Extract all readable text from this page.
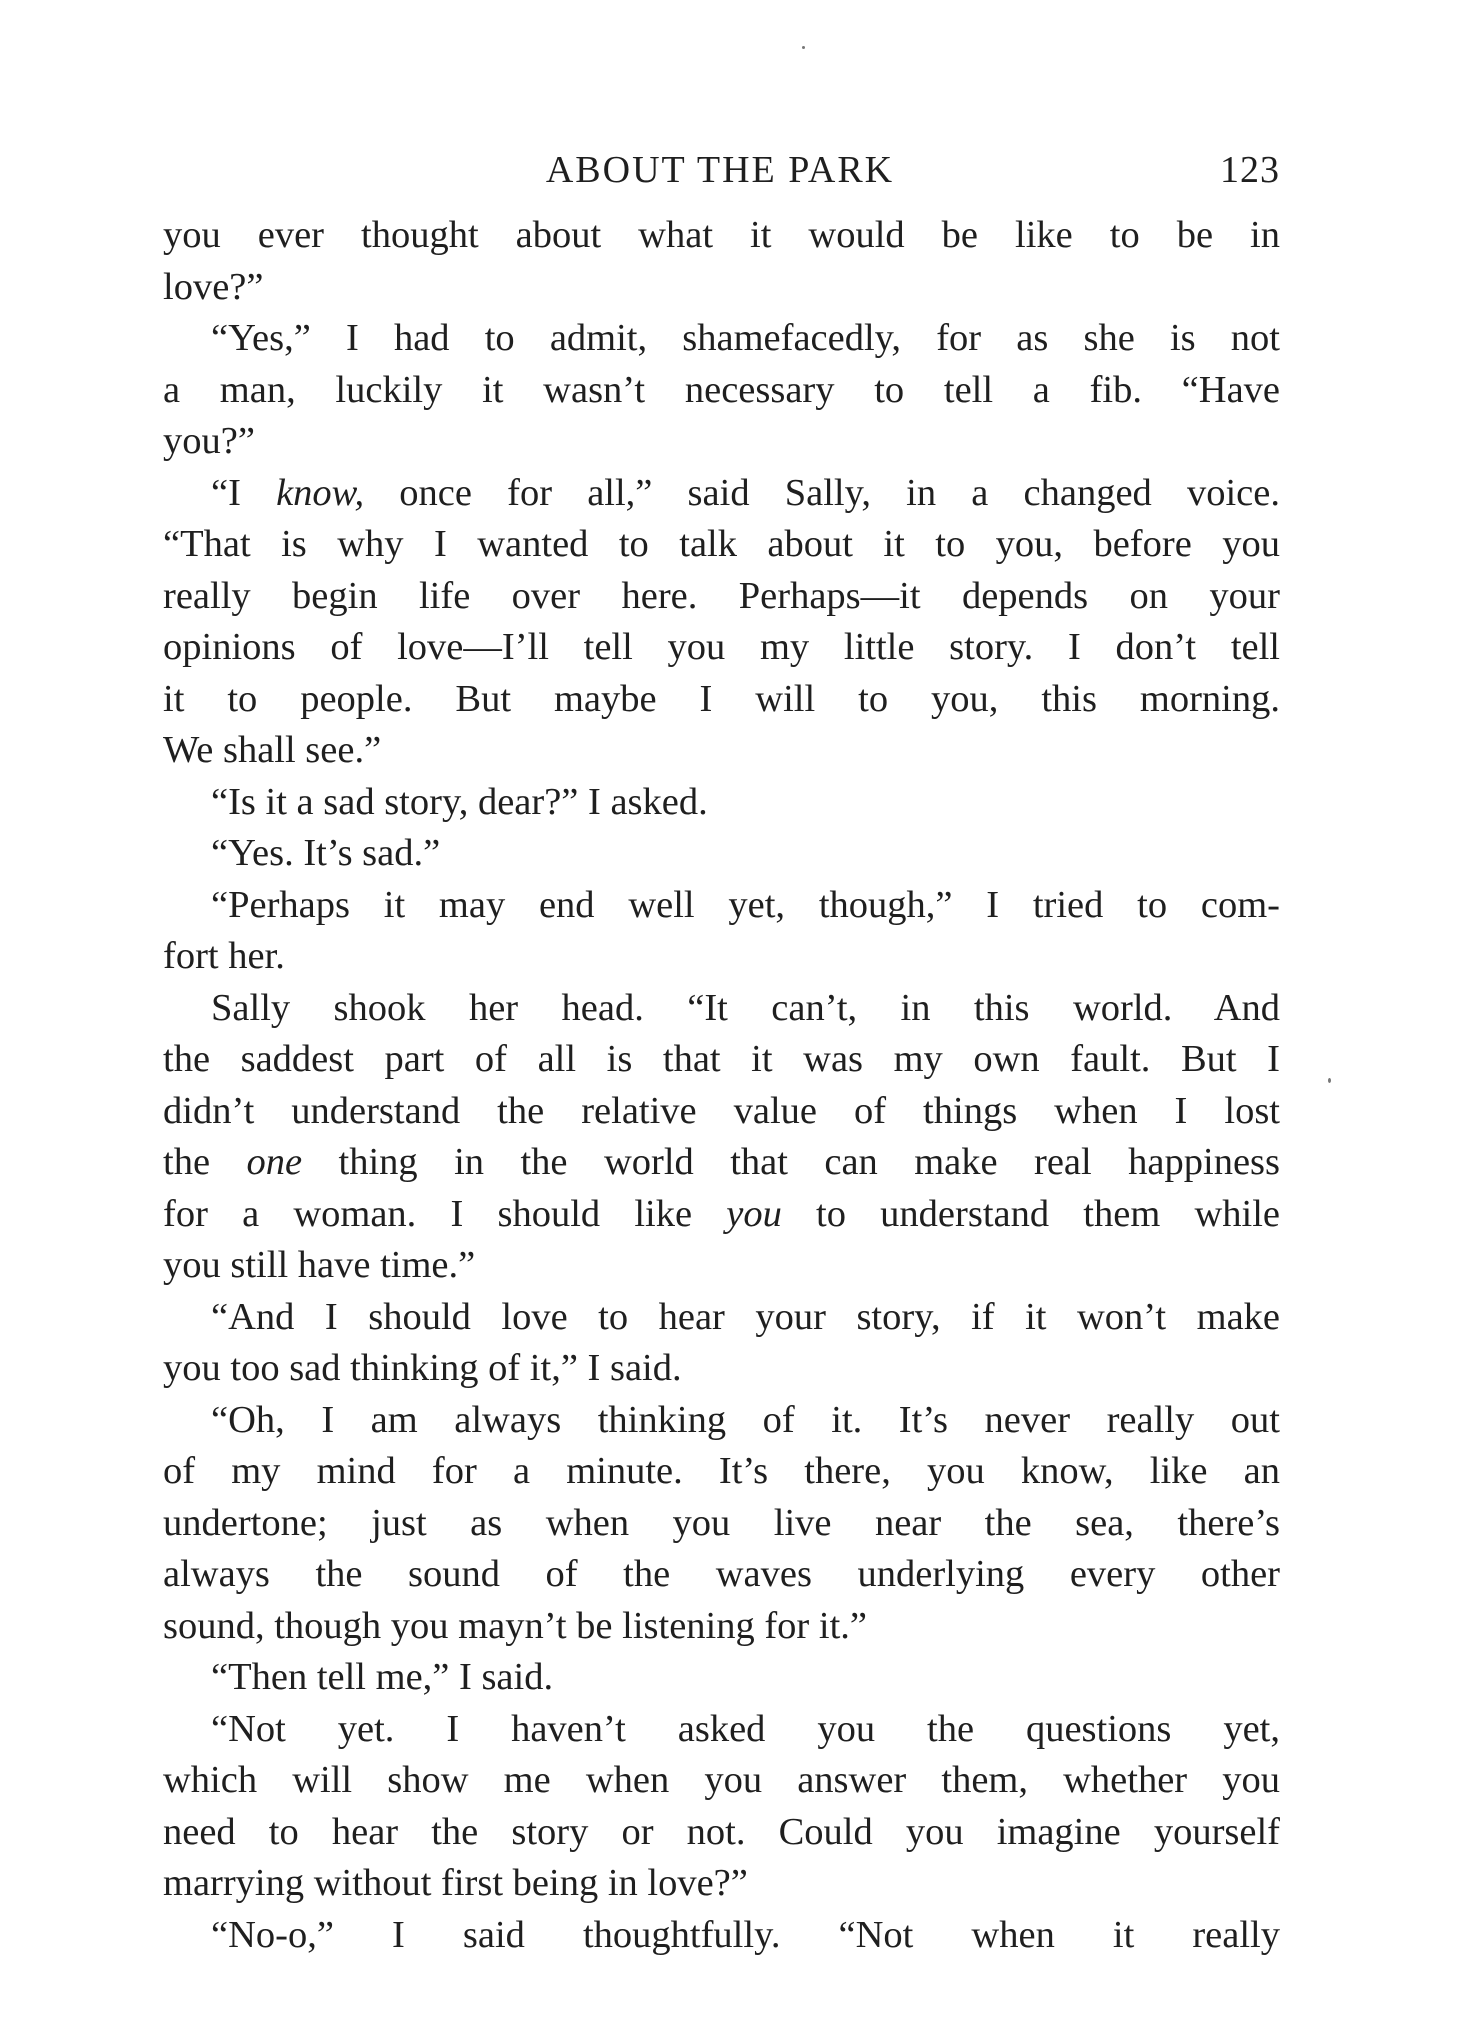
ABOUT THE PARK	123
you ever thought about what it would be like to be in
love?”
“Yes,” I had to admit, shamefacedly, for as she is not
a man, luckily it wasn’t necessary to tell a fib. “Have
you?”
“I know, once for all,” said Sally, in a changed voice.
“That is why I wanted to talk about it to you, before you
really begin life over here. Perhaps—it depends on your
opinions of love—I’ll tell you my little story. I don’t tell
it to people. But maybe I will to you, this morning.
We shall see.”
“Is it a sad story, dear?” I asked.
“Yes. It’s sad.”
“Perhaps it may end well yet, though,” I tried to com-
fort her.
Sally shook her head. “It can’t, in this world. And
the saddest part of all is that it was my own fault. But I
didn’t understand the relative value of things when I lost
the one thing in the world that can make real happiness
for a woman. I should like you to understand them while
you still have time.”
“And I should love to hear your story, if it won’t make
you too sad thinking of it,” I said.
“Oh, I am always thinking of it. It’s never really out
of my mind for a minute. It’s there, you know, like an
undertone; just as when you live near the sea, there’s
always the sound of the waves underlying every other
sound, though you mayn’t be listening for it.”
“Then tell me,” I said.
“Not yet. I haven’t asked you the questions yet,
which will show me when you answer them, whether you
need to hear the story or not. Could you imagine yourself
marrying without first being in love?”
“No-o,” I said thoughtfully. “Not when it really
